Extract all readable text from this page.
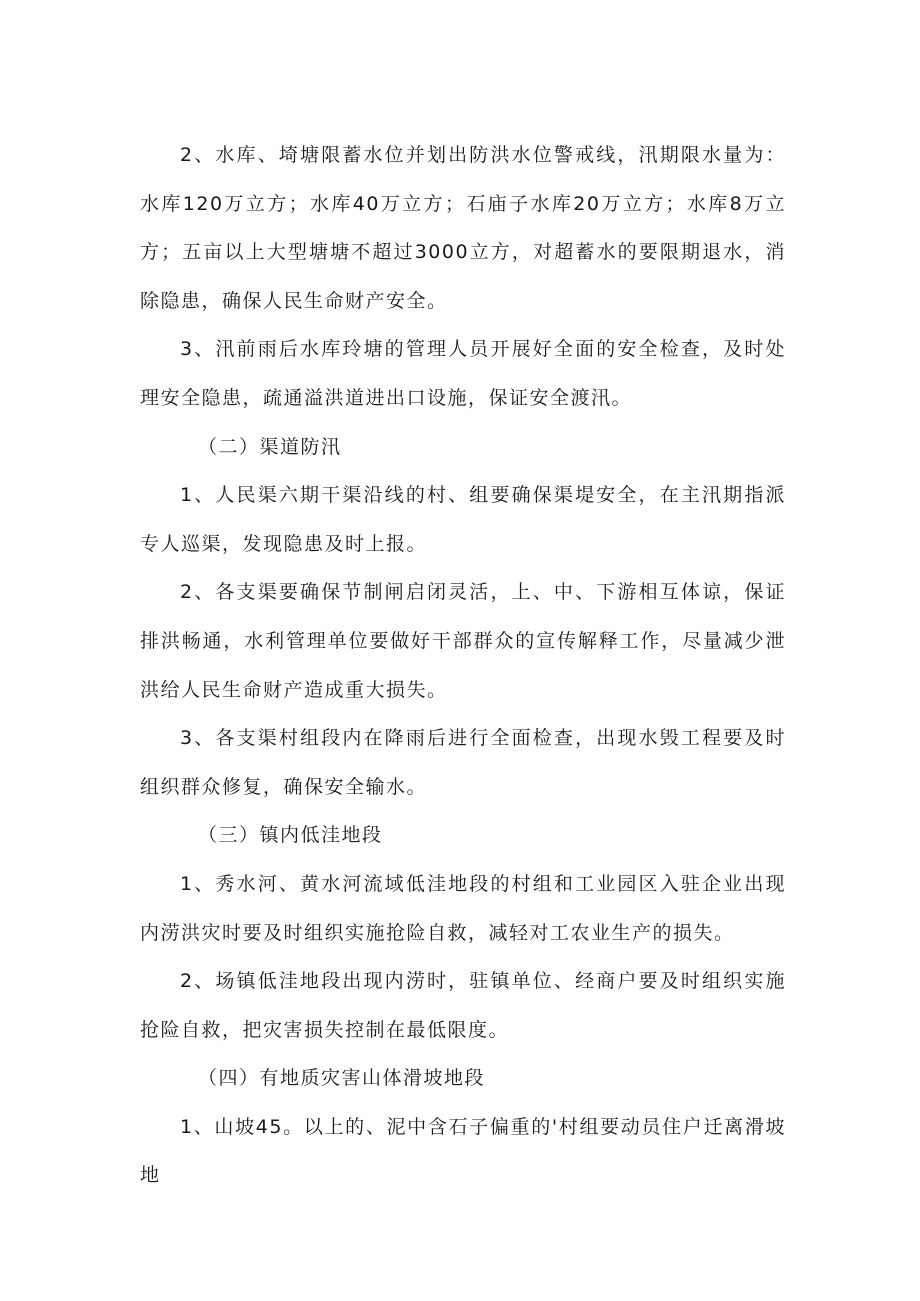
2、水库、埼塘限蓄水位并划出防洪水位警戒线，汛期限水量为：水库120万立方；水库40万立方；石庙子水库20万立方；水库8万立方；五亩以上大型塘塘不超过3000立方，对超蓄水的要限期退水，消除隐患，确保人民生命财产安全。

3、汛前雨后水库玲塘的管理人员开展好全面的安全检查，及时处理安全隐患，疏通溢洪道进出口设施，保证安全渡汛。

（二）渠道防汛

1、人民渠六期干渠沿线的村、组要确保渠堤安全，在主汛期指派专人巡渠，发现隐患及时上报。

2、各支渠要确保节制闸启闭灵活，上、中、下游相互体谅，保证排洪畅通，水利管理单位要做好干部群众的宣传解释工作，尽量减少泄洪给人民生命财产造成重大损失。

3、各支渠村组段内在降雨后进行全面检查，出现水毁工程要及时组织群众修复，确保安全输水。

（三）镇内低洼地段

1、秀水河、黄水河流域低洼地段的村组和工业园区入驻企业出现内涝洪灾时要及时组织实施抢险自救，减轻对工农业生产的损失。

2、场镇低洼地段出现内涝时，驻镇单位、经商户要及时组织实施抢险自救，把灾害损失控制在最低限度。

（四）有地质灾害山体滑坡地段

1、山坡45。以上的、泥中含石子偏重的'村组要动员住户迁离滑坡地
